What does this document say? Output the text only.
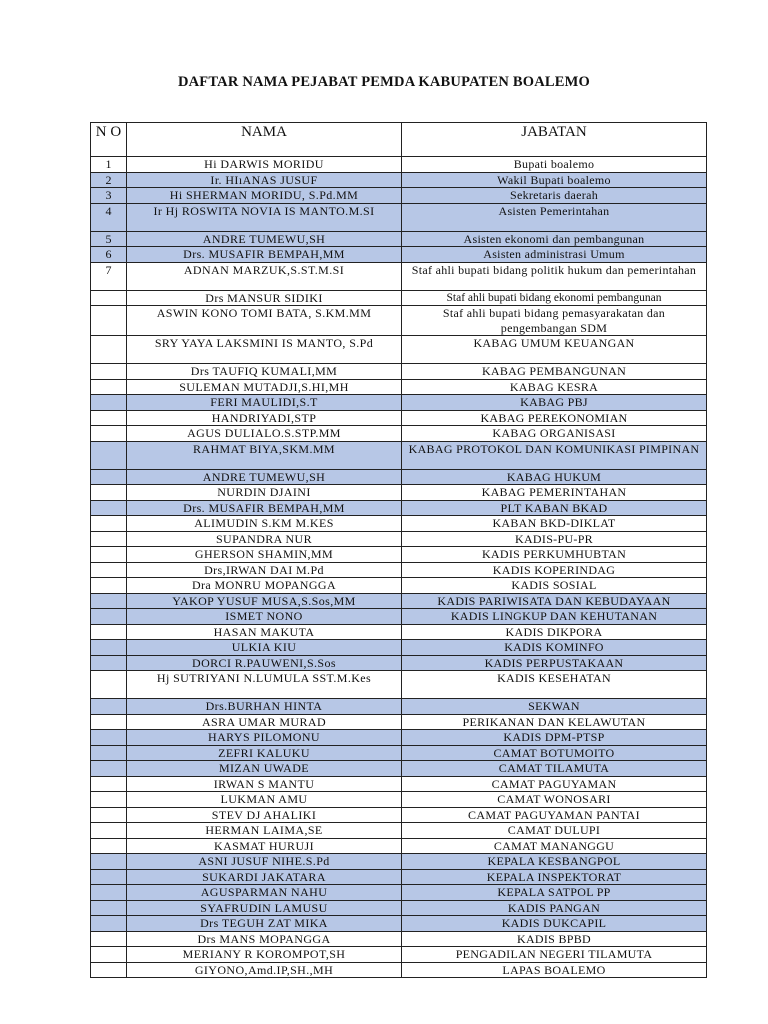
DAFTAR NAMA PEJABAT PEMDA KABUPATEN BOALEMO
N O	NAMA	JABATAN
1	Hi DARWIS MORIDU	Bupati boalemo
2	Ir. HIıANAS JUSUF	Wakil Bupati boalemo
3	Hi SHERMAN MORIDU, S.Pd.MM	Sekretaris daerah
4	Ir Hj ROSWITA NOVIA IS MANTO.M.SI	Asisten Pemerintahan
5	ANDRE TUMEWU,SH	Asisten ekonomi dan pembangunan
6	Drs. MUSAFIR BEMPAH,MM	Asisten administrasi Umum
7	ADNAN MARZUK,S.ST.M.SI	Staf ahli bupati bidang politik hukum dan pemerintahan
	Drs MANSUR SIDIKI	Staf ahli bupati bidang ekonomi pembangunan
	ASWIN KONO TOMI BATA, S.KM.MM	Staf ahli bupati bidang pemasyarakatan dan pengembangan SDM
	SRY YAYA LAKSMINI IS MANTO, S.Pd	KABAG UMUM KEUANGAN
	Drs TAUFIQ KUMALI,MM	KABAG PEMBANGUNAN
	SULEMAN MUTADJI,S.HI,MH	KABAG KESRA
	FERI MAULIDI,S.T	KABAG PBJ
	HANDRIYADI,STP	KABAG PEREKONOMIAN
	AGUS DULIALO.S.STP.MM	KABAG ORGANISASI
	RAHMAT BIYA,SKM.MM	KABAG PROTOKOL DAN KOMUNIKASI PIMPINAN
	ANDRE TUMEWU,SH	KABAG HUKUM
	NURDIN DJAINI	KABAG PEMERINTAHAN
	Drs. MUSAFIR BEMPAH,MM	PLT KABAN BKAD
	ALIMUDIN S.KM M.KES	KABAN BKD-DIKLAT
	SUPANDRA NUR	KADIS-PU-PR
	GHERSON SHAMIN,MM	KADIS PERKUMHUBTAN
	Drs,IRWAN DAI M.Pd	KADIS KOPERINDAG
	Dra MONRU MOPANGGA	KADIS SOSIAL
	YAKOP YUSUF MUSA,S.Sos,MM	KADIS PARIWISATA DAN KEBUDAYAAN
	ISMET NONO	KADIS LINGKUP DAN KEHUTANAN
	HASAN MAKUTA	KADIS DIKPORA
	ULKIA KIU	KADIS KOMINFO
	DORCI R.PAUWENI,S.Sos	KADIS PERPUSTAKAAN
	Hj SUTRIYANI N.LUMULA SST.M.Kes	KADIS KESEHATAN
	Drs.BURHAN HINTA	SEKWAN
	ASRA UMAR MURAD	PERIKANAN DAN KELAWUTAN
	HARYS PILOMONU	KADIS DPM-PTSP
	ZEFRI KALUKU	CAMAT BOTUMOITO
	MIZAN UWADE	CAMAT TILAMUTA
	IRWAN S MANTU	CAMAT PAGUYAMAN
	LUKMAN AMU	CAMAT WONOSARI
	STEV DJ AHALIKI	CAMAT PAGUYAMAN PANTAI
	HERMAN LAIMA,SE	CAMAT DULUPI
	KASMAT HURUJI	CAMAT MANANGGU
	ASNI JUSUF NIHE.S.Pd	KEPALA KESBANGPOL
	SUKARDI JAKATARA	KEPALA INSPEKTORAT
	AGUSPARMAN NAHU	KEPALA SATPOL PP
	SYAFRUDIN LAMUSU	KADIS PANGAN
	Drs TEGUH ZAT MIKA	KADIS DUKCAPIL
	Drs MANS MOPANGGA	KADIS BPBD
	MERIANY R KOROMPOT,SH	PENGADILAN NEGERI TILAMUTA
	GIYONO,Amd.IP,SH.,MH	LAPAS BOALEMO
